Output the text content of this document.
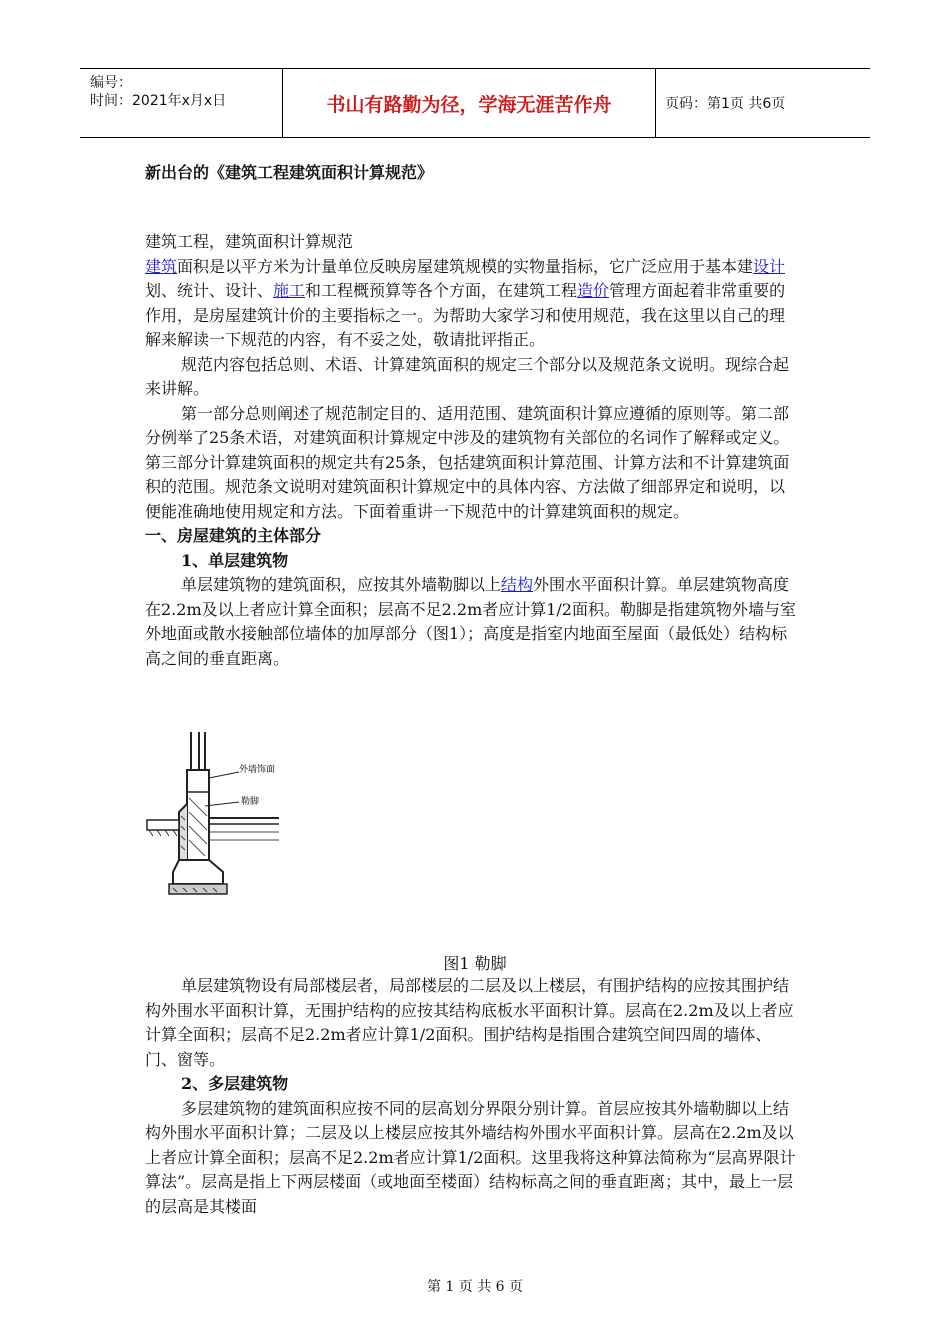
编号：
时间：2021年x月x日	书山有路勤为径，学海无涯苦作舟	页码：第1页 共6页
新出台的《建筑工程建筑面积计算规范》

建筑工程，建筑面积计算规范

建筑面积是以平方米为计量单位反映房屋建筑规模的实物量指标，它广泛应用于基本建设计划、统计、设计、施工和工程概预算等各个方面，在建筑工程造价管理方面起着非常重要的作用，是房屋建筑计价的主要指标之一。为帮助大家学习和使用规范，我在这里以自己的理解来解读一下规范的内容，有不妥之处，敬请批评指正。

规范内容包括总则、术语、计算建筑面积的规定三个部分以及规范条文说明。现综合起来讲解。

第一部分总则阐述了规范制定目的、适用范围、建筑面积计算应遵循的原则等。第二部分例举了25条术语，对建筑面积计算规定中涉及的建筑物有关部位的名词作了解释或定义。第三部分计算建筑面积的规定共有25条，包括建筑面积计算范围、计算方法和不计算建筑面积的范围。规范条文说明对建筑面积计算规定中的具体内容、方法做了细部界定和说明，以便能准确地使用规定和方法。下面着重讲一下规范中的计算建筑面积的规定。

一、房屋建筑的主体部分

1、单层建筑物

单层建筑物的建筑面积，应按其外墙勒脚以上结构外围水平面积计算。单层建筑物高度在2.2m及以上者应计算全面积；层高不足2.2m者应计算1/2面积。勒脚是指建筑物外墙与室外地面或散水接触部位墙体的加厚部分（图1）；高度是指室内地面至屋面（最低处）结构标高之间的垂直距离。

外墙饰面
勒脚
图1 勒脚

单层建筑物设有局部楼层者，局部楼层的二层及以上楼层，有围护结构的应按其围护结构外围水平面积计算，无围护结构的应按其结构底板水平面积计算。层高在2.2m及以上者应计算全面积；层高不足2.2m者应计算1/2面积。围护结构是指围合建筑空间四周的墙体、门、窗等。

2、多层建筑物

多层建筑物的建筑面积应按不同的层高划分界限分别计算。首层应按其外墙勒脚以上结构外围水平面积计算；二层及以上楼层应按其外墙结构外围水平面积计算。层高在2.2m及以上者应计算全面积；层高不足2.2m者应计算1/2面积。这里我将这种算法简称为“层高界限计算法”。层高是指上下两层楼面（或地面至楼面）结构标高之间的垂直距离；其中，最上一层的层高是其楼面

第 1 页 共 6 页
